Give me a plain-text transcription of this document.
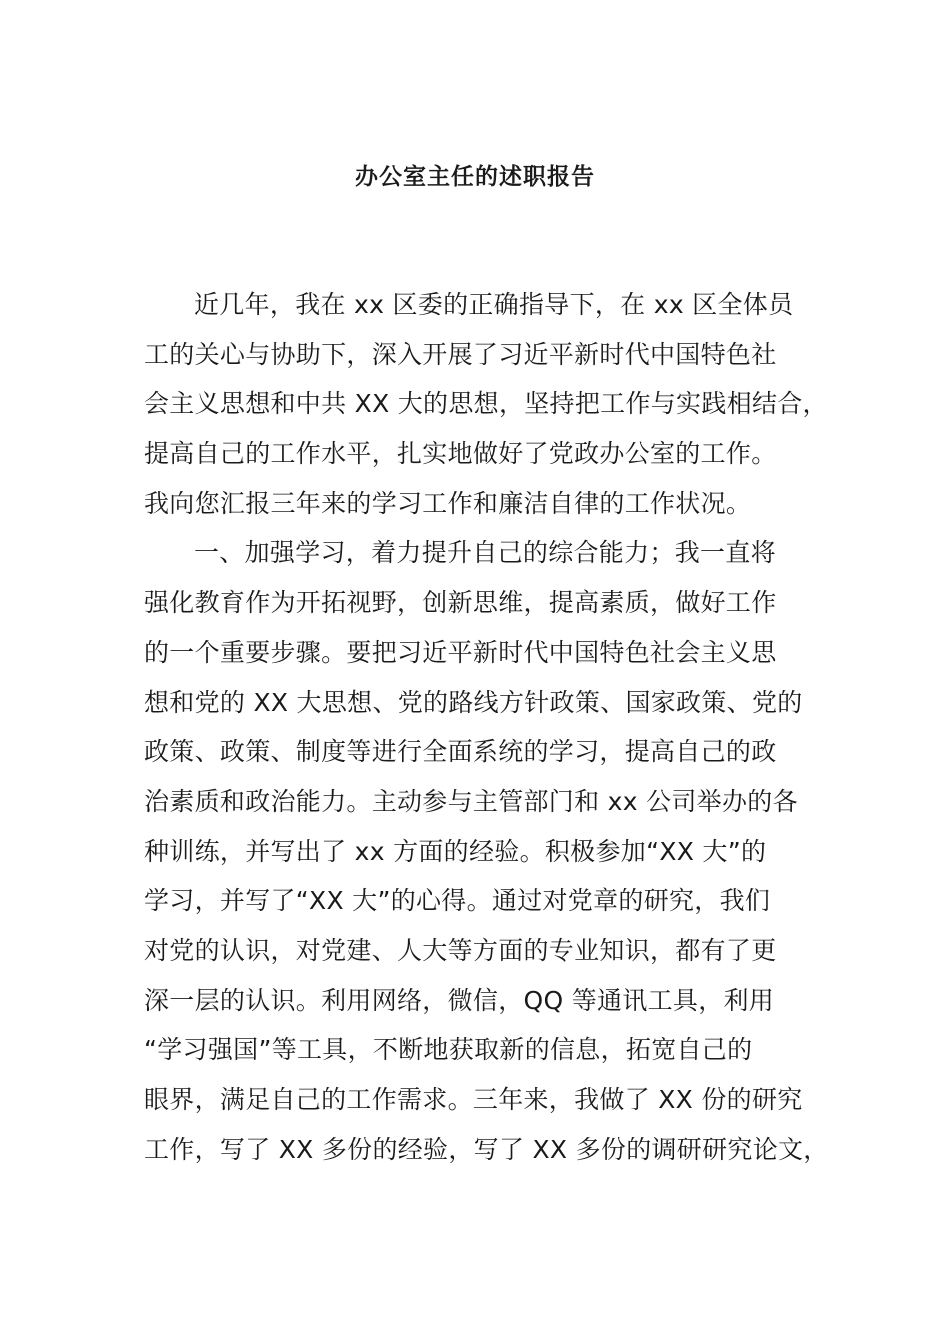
办公室主任的述职报告
近几年，我在 xx 区委的正确指导下，在 xx 区全体员
工的关心与协助下，深入开展了习近平新时代中国特色社
会主义思想和中共 XX 大的思想，坚持把工作与实践相结合，
提高自己的工作水平，扎实地做好了党政办公室的工作。
我向您汇报三年来的学习工作和廉洁自律的工作状况。
一、加强学习，着力提升自己的综合能力；我一直将
强化教育作为开拓视野，创新思维，提高素质，做好工作
的一个重要步骤。要把习近平新时代中国特色社会主义思
想和党的 XX 大思想、党的路线方针政策、国家政策、党的
政策、政策、制度等进行全面系统的学习，提高自己的政
治素质和政治能力。主动参与主管部门和 xx 公司举办的各
种训练，并写出了 xx 方面的经验。积极参加“XX 大”的
学习，并写了“XX 大”的心得。通过对党章的研究，我们
对党的认识，对党建、人大等方面的专业知识，都有了更
深一层的认识。利用网络，微信，QQ 等通讯工具，利用
“学习强国”等工具，不断地获取新的信息，拓宽自己的
眼界，满足自己的工作需求。三年来，我做了 XX 份的研究
工作，写了 XX 多份的经验，写了 XX 多份的调研研究论文，
